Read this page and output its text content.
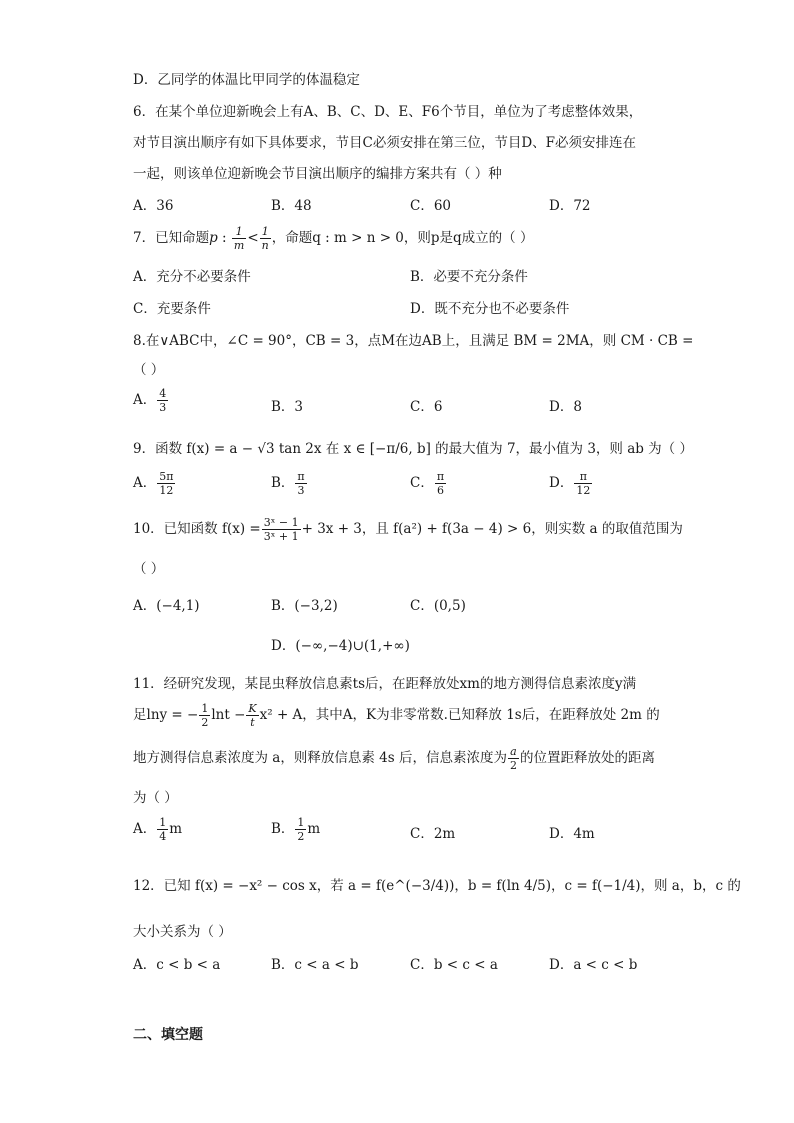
D．乙同学的体温比甲同学的体温稳定
6．在某个单位迎新晚会上有A、B、C、D、E、F6个节目，单位为了考虑整体效果，
对节目演出顺序有如下具体要求，节目C必须安排在第三位，节目D、F必须安排连在
一起，则该单位迎新晚会节目演出顺序的编排方案共有（ ）种
A．36	B．48	C．60	D．72
7．已知命题p : $\frac{1}{m} < \frac{1}{n}$ ，命题q : m > n > 0，则p是q成立的（ ）
A．充分不必要条件	B．必要不充分条件
C．充要条件	D．既不充分也不必要条件
8.在∨ABC中，∠C = 90°，CB = 3，点M在边AB上，且满足 BM = 2MA，则 CM · CB =
（ ）
A． $\frac{4}{3}$	B．3	C．6	D．8
9．函数 f(x) = a − √3 tan 2x 在 x ∈ [−π/6, b] 的最大值为 7，最小值为 3，则 ab 为（ ）
A． $\frac{5\pi}{12}$	B． $\frac{\pi}{3}$	C． $\frac{\pi}{6}$	D． $\frac{\pi}{12}$
10．已知函数 $f(x) = \frac{\text{3ˣ − 1}}{\text{3ˣ + 1}} + 3x + 3$，且 f(a²) + f(3a − 4) > 6，则实数 a 的取值范围为
（ ）
A．(−4,1)	B．(−3,2)	C．(0,5)
D．(−∞,−4)∪(1,+∞)
11．经研究发现，某昆虫释放信息素ts后，在距释放处xm的地方测得信息素浓度y满
足lny = − $\frac{1}{2}$ $\ln t - \frac{K}{t} x^2 + A$，其中A，K为非零常数.已知释放 1s后，在距释放处 2m 的
地方测得信息素浓度为 a，则释放信息素 4s 后，信息素浓度为 $\frac{a}{2}$ 的位置距释放处的距离
为（ ）
A． $\frac{1}{4}$ m	B． $\frac{1}{2}$ m	C．2m	D．4m
12．已知 f(x) = −x² − cos x，若 a = f(e^(−3/4))，b = f(ln 4/5)，c = f(−1/4)，则 a，b，c 的
大小关系为（ ）
A．c < b < a	B．c < a < b	C．b < c < a	D．a < c < b
二、填空题
